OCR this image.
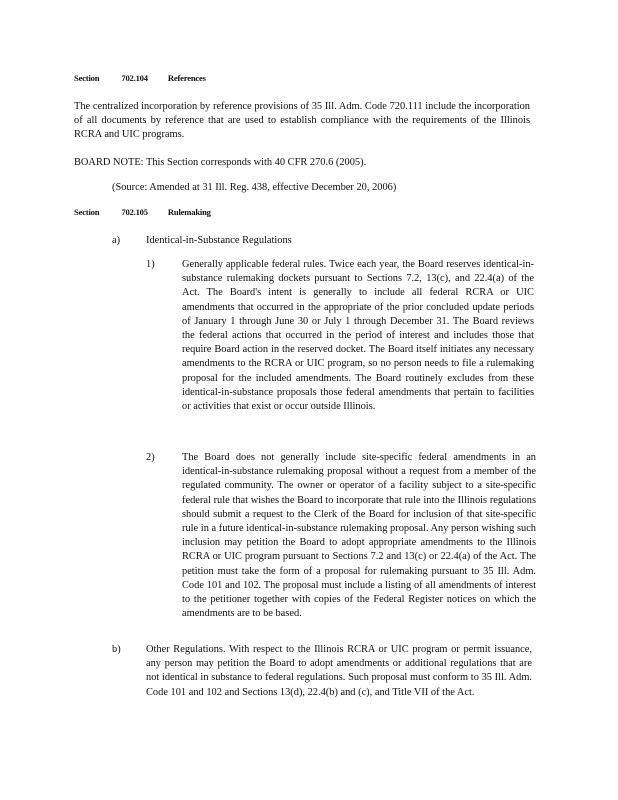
Section	702.104 References
The centralized incorporation by reference provisions of 35 Ill. Adm. Code 720.111 include the incorporation of all documents by reference that are used to establish compliance with the requirements of the Illinois RCRA and UIC programs.
BOARD NOTE: This Section corresponds with 40 CFR 270.6 (2005).
(Source: Amended at 31 Ill. Reg. 438, effective December 20, 2006)
Section	702.105 Rulemaking
a) Identical-in-Substance Regulations
1)	Generally applicable federal rules. Twice each year, the Board reserves identical-in-substance rulemaking dockets pursuant to Sections 7.2, 13(c), and 22.4(a) of the Act. The Board's intent is generally to include all federal RCRA or UIC amendments that occurred in the appropriate of the prior concluded update periods of January 1 through June 30 or July 1 through December 31. The Board reviews the federal actions that occurred in the period of interest and includes those that require Board action in the reserved docket. The Board itself initiates any necessary amendments to the RCRA or UIC program, so no person needs to file a rulemaking proposal for the included amendments. The Board routinely excludes from these identical-in-substance proposals those federal amendments that pertain to facilities or activities that exist or occur outside Illinois.
2)	The Board does not generally include site-specific federal amendments in an identical-in-substance rulemaking proposal without a request from a member of the regulated community. The owner or operator of a facility subject to a site-specific federal rule that wishes the Board to incorporate that rule into the Illinois regulations should submit a request to the Clerk of the Board for inclusion of that site-specific rule in a future identical-in-substance rulemaking proposal. Any person wishing such inclusion may petition the Board to adopt appropriate amendments to the Illinois RCRA or UIC program pursuant to Sections 7.2 and 13(c) or 22.4(a) of the Act. The petition must take the form of a proposal for rulemaking pursuant to 35 Ill. Adm. Code 101 and 102. The proposal must include a listing of all amendments of interest to the petitioner together with copies of the Federal Register notices on which the amendments are to be based.
b) Other Regulations. With respect to the Illinois RCRA or UIC program or permit issuance, any person may petition the Board to adopt amendments or additional regulations that are not identical in substance to federal regulations. Such proposal must conform to 35 Ill. Adm. Code 101 and 102 and Sections 13(d), 22.4(b) and (c), and Title VII of the Act.
